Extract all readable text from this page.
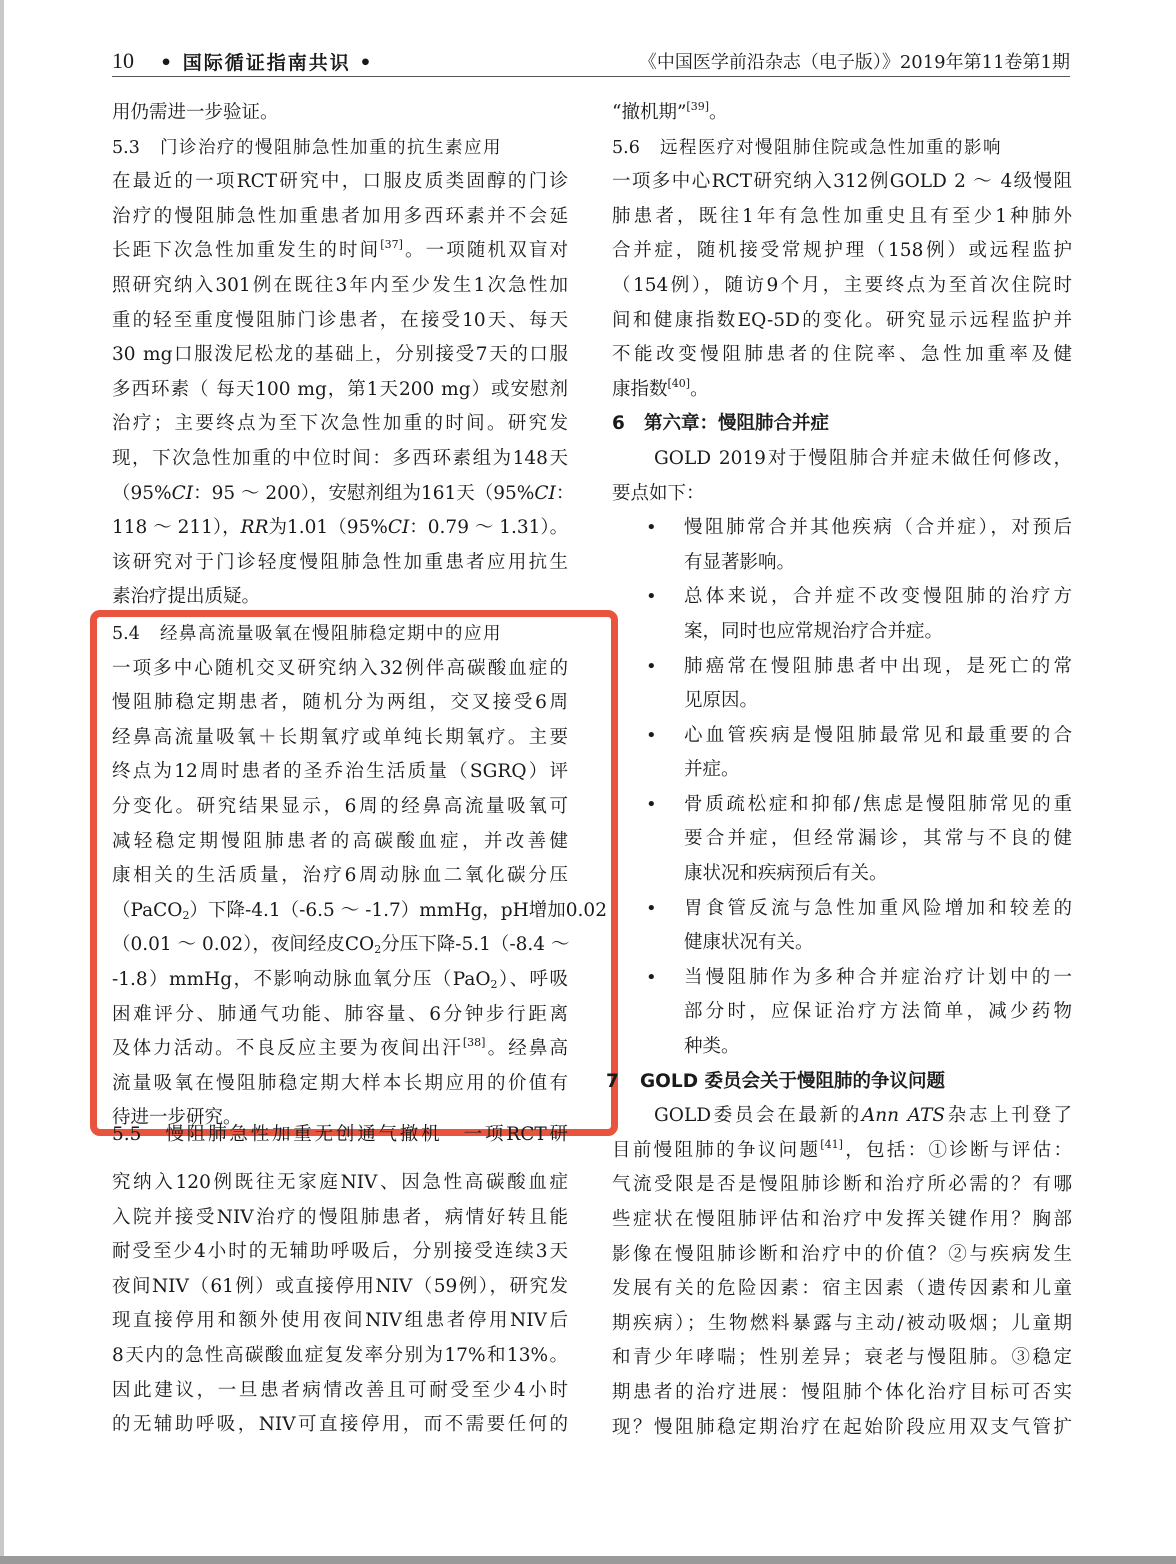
10 • 国际循证指南共识 •	《中国医学前沿杂志（电子版）》2019年第11卷第1期
用仍需进一步验证。
5.3 门诊治疗的慢阻肺急性加重的抗生素应用
在最近的一项RCT研究中，口服皮质类固醇的门诊
治疗的慢阻肺急性加重患者加用多西环素并不会延
长距下次急性加重发生的时间[37]。一项随机双盲对
照研究纳入301例在既往3年内至少发生1次急性加
重的轻至重度慢阻肺门诊患者，在接受10天、每天
30 mg口服泼尼松龙的基础上，分别接受7天的口服
多西环素（ 每天100 mg，第1天200 mg）或安慰剂
治疗；主要终点为至下次急性加重的时间。研究发
现，下次急性加重的中位时间：多西环素组为148天
（95%CI：95 ～ 200），安慰剂组为161天（95%CI：
118 ～ 211），RR为1.01（95%CI：0.79 ～ 1.31）。
该研究对于门诊轻度慢阻肺急性加重患者应用抗生
素治疗提出质疑。
5.4 经鼻高流量吸氧在慢阻肺稳定期中的应用
一项多中心随机交叉研究纳入32例伴高碳酸血症的
慢阻肺稳定期患者，随机分为两组，交叉接受6周
经鼻高流量吸氧＋长期氧疗或单纯长期氧疗。主要
终点为12周时患者的圣乔治生活质量（SGRQ）评
分变化。研究结果显示，6周的经鼻高流量吸氧可
减轻稳定期慢阻肺患者的高碳酸血症，并改善健
康相关的生活质量，治疗6周动脉血二氧化碳分压
（PaCO$_2$）下降-4.1（-6.5 ～ -1.7）mmHg，pH增加0.02
（0.01 ～ 0.02），夜间经皮$CO_2$分压下降-5.1（-8.4 ～
-1.8）mmHg，不影响动脉血氧分压（PaO$_2$）、呼吸
困难评分、肺通气功能、肺容量、6分钟步行距离
及体力活动。不良反应主要为夜间出汗[38]。经鼻高
流量吸氧在慢阻肺稳定期大样本长期应用的价值有
待进一步研究。
5.5　慢阻肺急性加重无创通气撤机　一项RCT研
究纳入120例既往无家庭NIV、因急性高碳酸血症
入院并接受NIV治疗的慢阻肺患者，病情好转且能
耐受至少4小时的无辅助呼吸后，分别接受连续3天
夜间NIV（61例）或直接停用NIV（59例），研究发
现直接停用和额外使用夜间NIV组患者停用NIV后
8天内的急性高碳酸血症复发率分别为17%和13%。
因此建议，一旦患者病情改善且可耐受至少4小时
的无辅助呼吸，NIV可直接停用，而不需要任何的
“撤机期”[39]。
5.6 远程医疗对慢阻肺住院或急性加重的影响
一项多中心RCT研究纳入312例GOLD 2 ～ 4级慢阻
肺患者，既往1年有急性加重史且有至少1种肺外
合并症，随机接受常规护理（158例）或远程监护
（154例），随访9个月，主要终点为至首次住院时
间和健康指数EQ-5D的变化。研究显示远程监护并
不能改变慢阻肺患者的住院率、急性加重率及健
康指数[40]。
6 第六章：慢阻肺合并症
GOLD 2019对于慢阻肺合并症未做任何修改，
要点如下：
• 慢阻肺常合并其他疾病（合并症），对预后
有显著影响。
• 总体来说，合并症不改变慢阻肺的治疗方
案，同时也应常规治疗合并症。
• 肺癌常在慢阻肺患者中出现，是死亡的常
见原因。
• 心血管疾病是慢阻肺最常见和最重要的合
并症。
• 骨质疏松症和抑郁/焦虑是慢阻肺常见的重
要合并症，但经常漏诊，其常与不良的健
康状况和疾病预后有关。
• 胃食管反流与急性加重风险增加和较差的
健康状况有关。
• 当慢阻肺作为多种合并症治疗计划中的一
部分时，应保证治疗方法简单，减少药物
种类。
7 GOLD 委员会关于慢阻肺的争议问题
GOLD委员会在最新的Ann ATS杂志上刊登了
目前慢阻肺的争议问题[41]，包括：①诊断与评估：
气流受限是否是慢阻肺诊断和治疗所必需的？有哪
些症状在慢阻肺评估和治疗中发挥关键作用？胸部
影像在慢阻肺诊断和治疗中的价值？②与疾病发生
发展有关的危险因素：宿主因素（遗传因素和儿童
期疾病）；生物燃料暴露与主动/被动吸烟；儿童期
和青少年哮喘；性别差异；衰老与慢阻肺。③稳定
期患者的治疗进展：慢阻肺个体化治疗目标可否实
现？慢阻肺稳定期治疗在起始阶段应用双支气管扩
